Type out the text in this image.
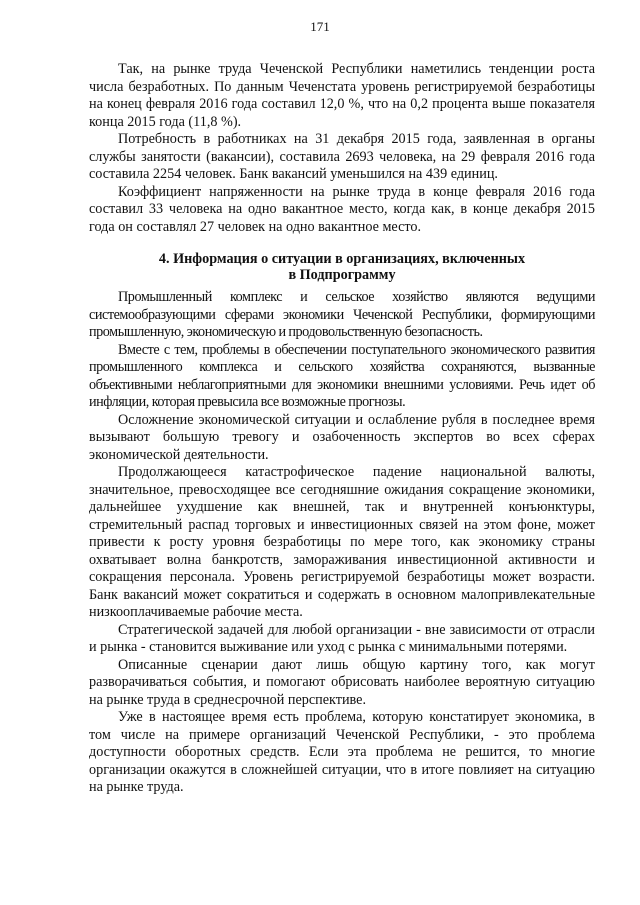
171

Так, на рынке труда Чеченской Республики наметились тенденции роста числа безработных. По данным Чеченстата уровень регистрируемой безработицы на конец февраля 2016 года составил 12,0 %, что на 0,2 процента выше показателя конца 2015 года (11,8 %).

Потребность в работниках на 31 декабря 2015 года, заявленная в органы службы занятости (вакансии), составила 2693 человека, на 29 февраля 2016 года составила 2254 человек. Банк вакансий уменьшился на 439 единиц.

Коэффициент напряженности на рынке труда в конце февраля 2016 года составил 33 человека на одно вакантное место, когда как, в конце декабря 2015 года он составлял 27 человек на одно вакантное место.

4. Информация о ситуации в организациях, включенных
в Подпрограмму

Промышленный комплекс и сельское хозяйство являются ведущими системообразующими сферами экономики Чеченской Республики, формирующими промышленную, экономическую и продовольственную безопасность.

Вместе с тем, проблемы в обеспечении поступательного экономического развития промышленного комплекса и сельского хозяйства сохраняются, вызванные объективными неблагоприятными для экономики внешними условиями. Речь идет об инфляции, которая превысила все возможные прогнозы.

Осложнение экономической ситуации и ослабление рубля в последнее время вызывают большую тревогу и озабоченность экспертов во всех сферах экономической деятельности.

Продолжающееся катастрофическое падение национальной валюты, значительное, превосходящее все сегодняшние ожидания сокращение экономики, дальнейшее ухудшение как внешней, так и внутренней конъюнктуры, стремительный распад торговых и инвестиционных связей на этом фоне, может привести к росту уровня безработицы по мере того, как экономику страны охватывает волна банкротств, замораживания инвестиционной активности и сокращения персонала. Уровень регистрируемой безработицы может возрасти. Банк вакансий может сократиться и содержать в основном малопривлекательные низкооплачиваемые рабочие места.

Стратегической задачей для любой организации - вне зависимости от отрасли и рынка - становится выживание или уход с рынка с минимальными потерями.

Описанные сценарии дают лишь общую картину того, как могут разворачиваться события, и помогают обрисовать наиболее вероятную ситуацию на рынке труда в среднесрочной перспективе.

Уже в настоящее время есть проблема, которую констатирует экономика, в том числе на примере организаций Чеченской Республики, - это проблема доступности оборотных средств. Если эта проблема не решится, то многие организации окажутся в сложнейшей ситуации, что в итоге повлияет на ситуацию на рынке труда.
